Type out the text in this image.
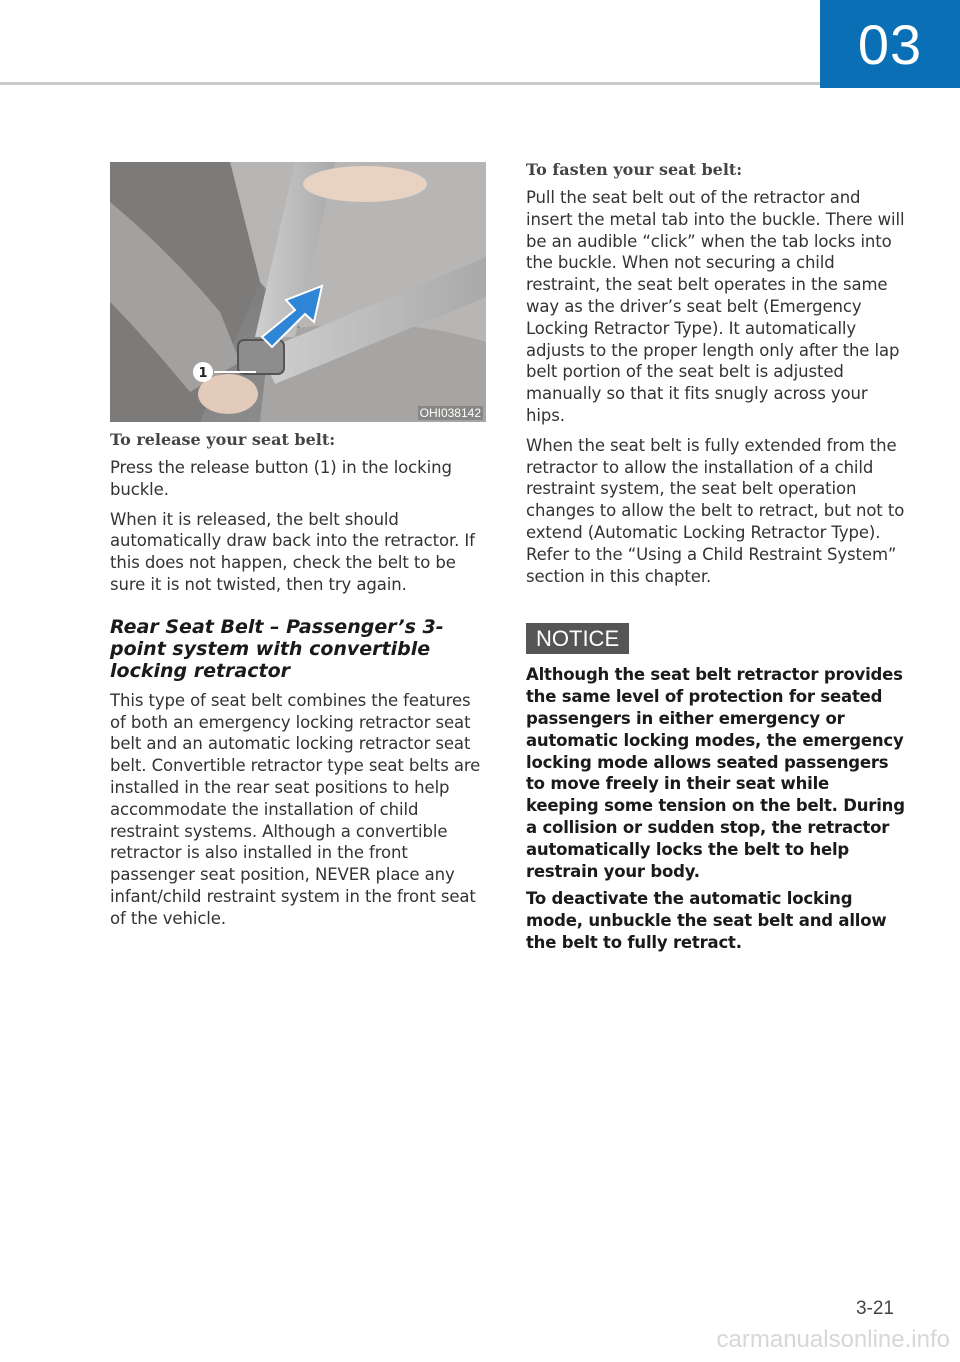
03
1
OHI038142

To release your seat belt:

Press the release button (1) in the locking buckle.

When it is released, the belt should automatically draw back into the retractor. If this does not happen, check the belt to be sure it is not twisted, then try again.

Rear Seat Belt – Passenger’s 3-point system with convertible locking retractor

This type of seat belt combines the features of both an emergency locking retractor seat belt and an automatic locking retractor seat belt. Convertible retractor type seat belts are installed in the rear seat positions to help accommodate the installation of child restraint systems. Although a convertible retractor is also installed in the front passenger seat position, NEVER place any infant/child restraint system in the front seat of the vehicle.

To fasten your seat belt:

Pull the seat belt out of the retractor and insert the metal tab into the buckle. There will be an audible “click” when the tab locks into the buckle. When not securing a child restraint, the seat belt operates in the same way as the driver’s seat belt (Emergency Locking Retractor Type). It automatically adjusts to the proper length only after the lap belt portion of the seat belt is adjusted manually so that it fits snugly across your hips.

When the seat belt is fully extended from the retractor to allow the installation of a child restraint system, the seat belt operation changes to allow the belt to retract, but not to extend (Automatic Locking Retractor Type). Refer to the “Using a Child Restraint System” section in this chapter.

NOTICE

Although the seat belt retractor provides the same level of protection for seated passengers in either emergency or automatic locking modes, the emergency locking mode allows seated passengers to move freely in their seat while keeping some tension on the belt. During a collision or sudden stop, the retractor automatically locks the belt to help restrain your body.

To deactivate the automatic locking mode, unbuckle the seat belt and allow the belt to fully retract.

3-21
carmanualsonline.info
